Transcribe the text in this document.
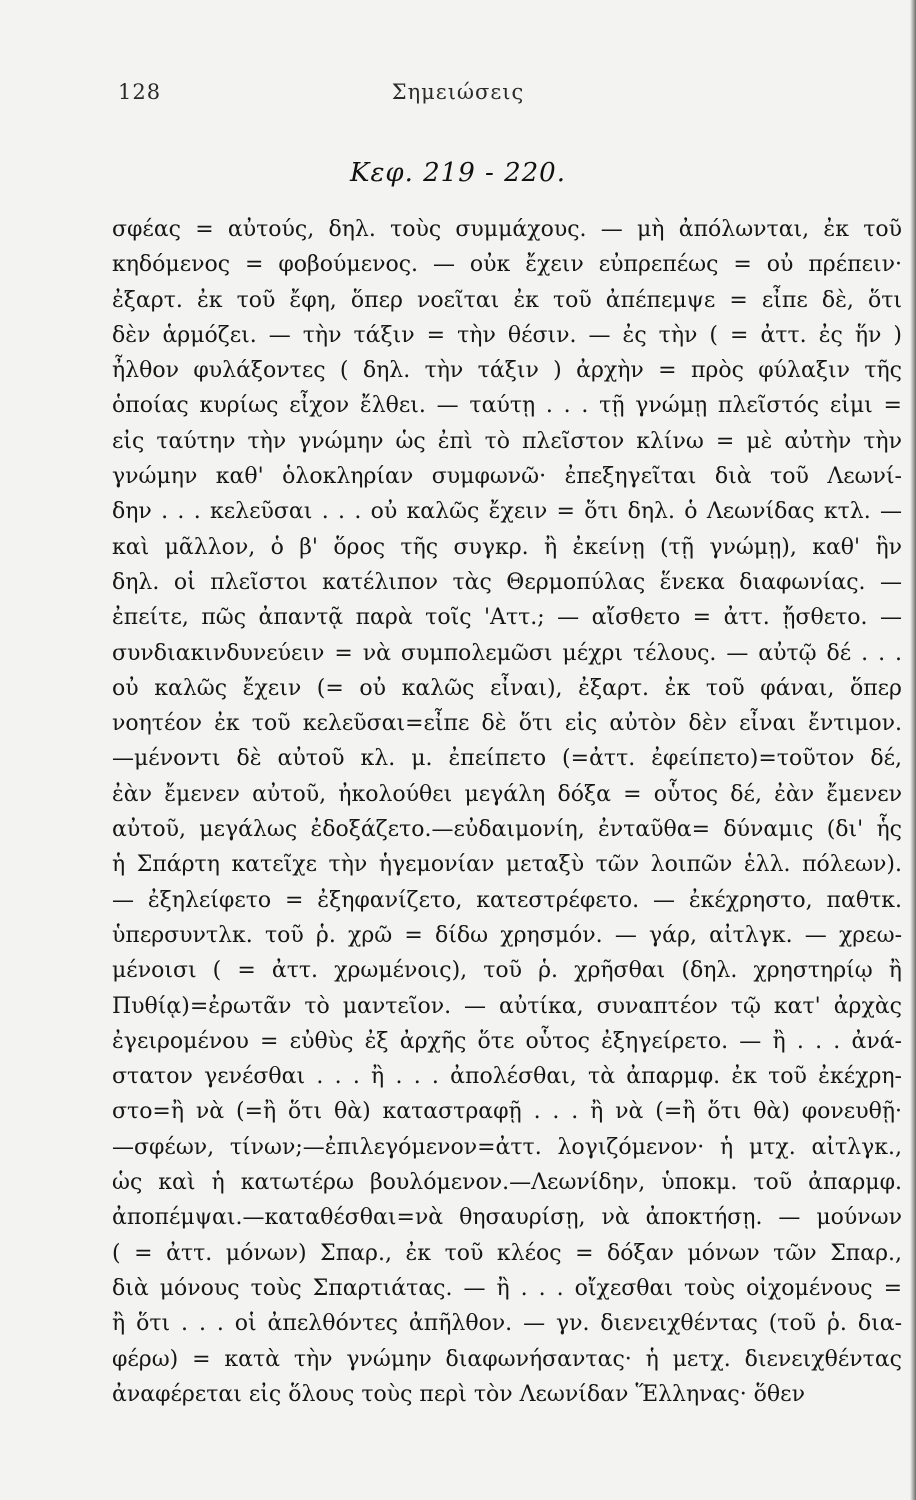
128	Σημειώσεις
Κεφ. 219 - 220.
σφέας = αὐτούς, δηλ. τοὺς συμμάχους. — μὴ ἀπόλωνται, ἐκ τοῦ
κηδόμενος = φοβούμενος. — οὐκ ἔχειν εὐπρεπέως = οὐ πρέπειν·
ἐξαρτ. ἐκ τοῦ ἔφη, ὅπερ νοεῖται ἐκ τοῦ ἀπέπεμψε = εἶπε δὲ, ὅτι
δὲν ἁρμόζει. — τὴν τάξιν = τὴν θέσιν. — ἐς τὴν ( = ἀττ. ἐς ἥν )
ἦλθον φυλάξοντες ( δηλ. τὴν τάξιν ) ἀρχὴν = πρὸς φύλαξιν τῆς
ὁποίας κυρίως εἶχον ἔλθει. — ταύτῃ . . . τῇ γνώμῃ πλεῖστός εἰμι =
εἰς ταύτην τὴν γνώμην ὡς ἐπὶ τὸ πλεῖστον κλίνω = μὲ αὐτὴν τὴν
γνώμην καθ' ὁλοκληρίαν συμφωνῶ· ἐπεξηγεῖται διὰ τοῦ Λεωνί-
δην . . . κελεῦσαι . . . οὐ καλῶς ἔχειν = ὅτι δηλ. ὁ Λεωνίδας κτλ. —
καὶ μᾶλλον, ὁ β' ὅρος τῆς συγκρ. ἢ ἐκείνῃ (τῇ γνώμῃ), καθ' ἣν
δηλ. οἱ πλεῖστοι κατέλιπον τὰς Θερμοπύλας ἕνεκα διαφωνίας. —
ἐπείτε, πῶς ἀπαντᾷ παρὰ τοῖς 'Αττ.; — αἴσθετο = ἀττ. ᾔσθετο. —
συνδιακινδυνεύειν = νὰ συμπολεμῶσι μέχρι τέλους. — αὐτῷ δέ . . .
οὐ καλῶς ἔχειν (= οὐ καλῶς εἶναι), ἐξαρτ. ἐκ τοῦ φάναι, ὅπερ
νοητέον ἐκ τοῦ κελεῦσαι=εἶπε δὲ ὅτι εἰς αὐτὸν δὲν εἶναι ἔντιμον.
—μένοντι δὲ αὐτοῦ κλ. μ. ἐπείπετο (=ἀττ. ἐφείπετο)=τοῦτον δέ,
ἐὰν ἔμενεν αὐτοῦ, ἠκολούθει μεγάλη δόξα = οὗτος δέ, ἐὰν ἔμενεν
αὐτοῦ, μεγάλως ἐδοξάζετο.—εὐδαιμονίη, ἐνταῦθα= δύναμις (δι' ἧς
ἡ Σπάρτη κατεῖχε τὴν ἡγεμονίαν μεταξὺ τῶν λοιπῶν ἑλλ. πόλεων).
— ἐξηλείφετο = ἐξηφανίζετο, κατεστρέφετο. — ἐκέχρηστο, παθτκ.
ὑπερσυντλκ. τοῦ ῥ. χρῶ = δίδω χρησμόν. — γάρ, αἰτλγκ. — χρεω-
μένοισι ( = ἀττ. χρωμένοις), τοῦ ῥ. χρῆσθαι (δηλ. χρηστηρίῳ ἢ
Πυθίᾳ)=ἐρωτᾶν τὸ μαντεῖον. — αὐτίκα, συναπτέον τῷ κατ' ἀρχὰς
ἐγειρομένου = εὐθὺς ἐξ ἀρχῆς ὅτε οὗτος ἐξηγείρετο. — ἢ . . . ἀνά-
στατον γενέσθαι . . . ἢ . . . ἀπολέσθαι, τὰ ἀπαρμφ. ἐκ τοῦ ἐκέχρη-
στο=ἢ νὰ (=ἢ ὅτι θὰ) καταστραφῇ . . . ἢ νὰ (=ἢ ὅτι θὰ) φονευθῇ·
—σφέων, τίνων;—ἐπιλεγόμενον=ἀττ. λογιζόμενον· ἡ μτχ. αἰτλγκ.,
ὡς καὶ ἡ κατωτέρω βουλόμενον.—Λεωνίδην, ὑποκμ. τοῦ ἀπαρμφ.
ἀποπέμψαι.—καταθέσθαι=νὰ θησαυρίσῃ, νὰ ἀποκτήσῃ. — μούνων
( = ἀττ. μόνων) Σπαρ., ἐκ τοῦ κλέος = δόξαν μόνων τῶν Σπαρ.,
διὰ μόνους τοὺς Σπαρτιάτας. — ἢ . . . οἴχεσθαι τοὺς οἰχομένους =
ἢ ὅτι . . . οἱ ἀπελθόντες ἀπῆλθον. — γν. διενειχθέντας (τοῦ ῥ. δια-
φέρω) = κατὰ τὴν γνώμην διαφωνήσαντας· ἡ μετχ. διενειχθέντας
ἀναφέρεται εἰς ὅλους τοὺς περὶ τὸν Λεωνίδαν Ἕλληνας· ὅθεν
